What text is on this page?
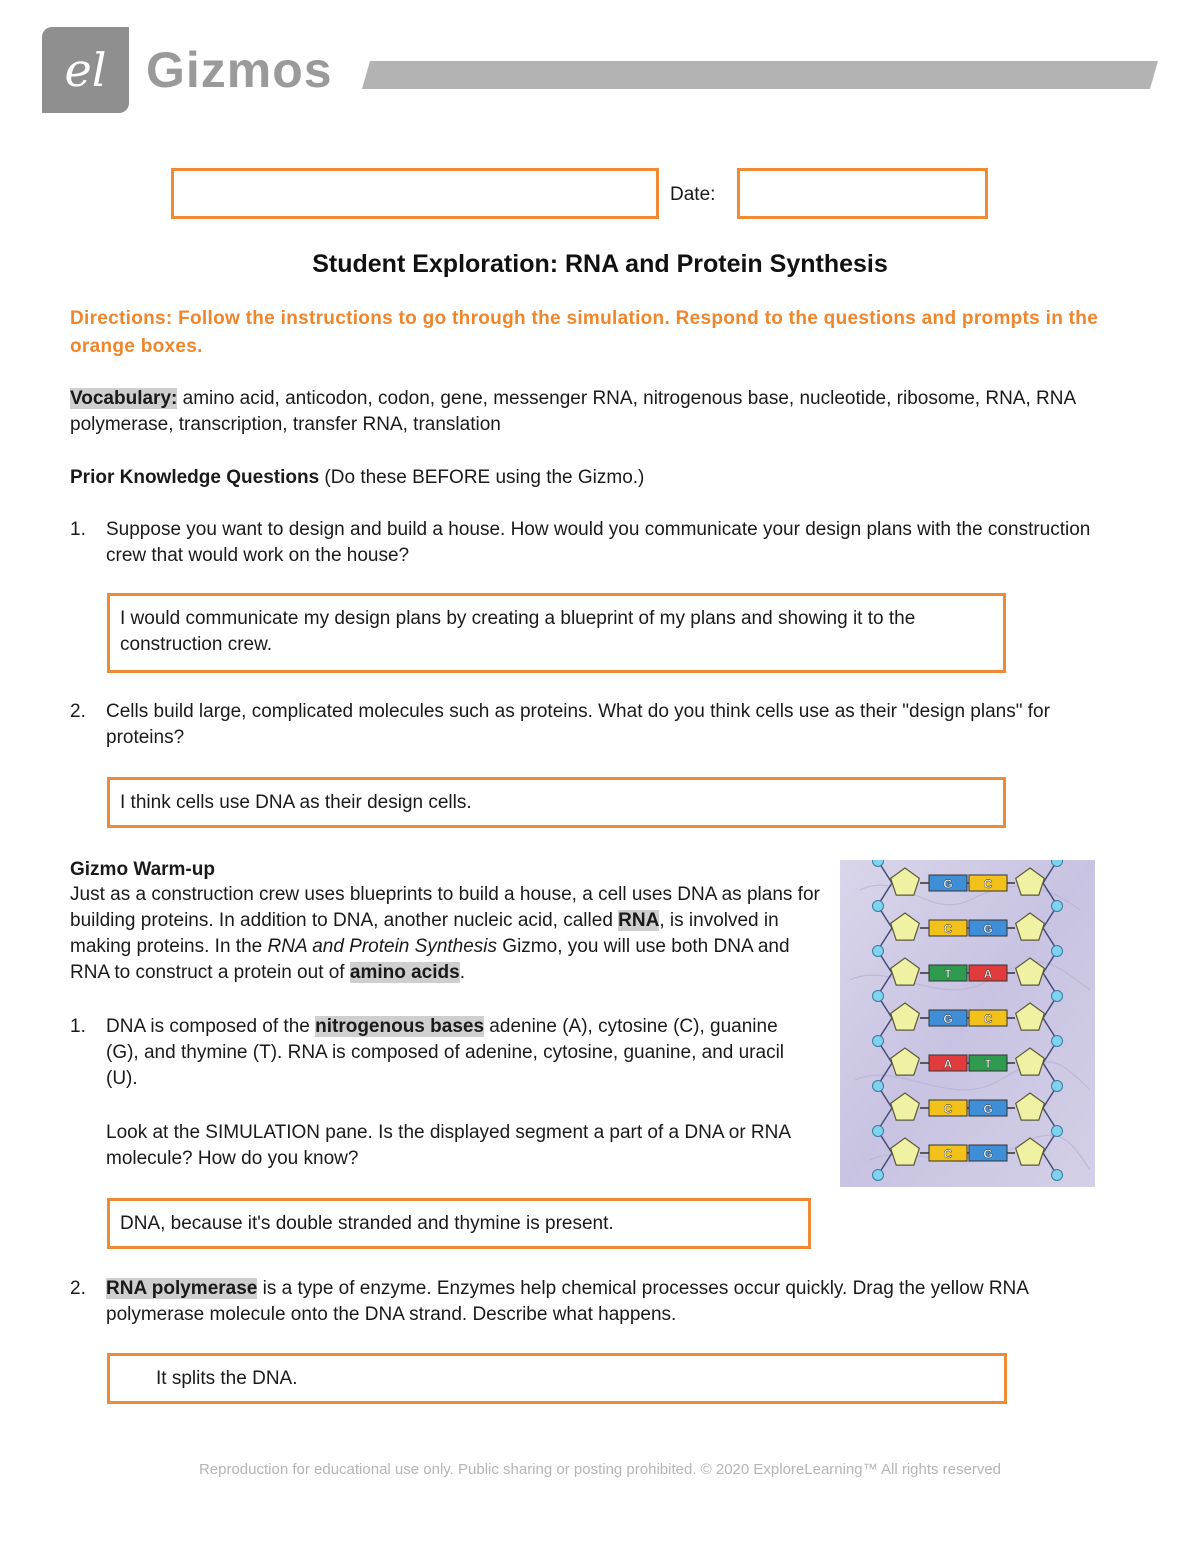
el Gizmos
Date:
Student Exploration: RNA and Protein Synthesis
Directions: Follow the instructions to go through the simulation. Respond to the questions and prompts in the orange boxes.
Vocabulary: amino acid, anticodon, codon, gene, messenger RNA, nitrogenous base, nucleotide, ribosome, RNA, RNA polymerase, transcription, transfer RNA, translation
Prior Knowledge Questions (Do these BEFORE using the Gizmo.)
1.	Suppose you want to design and build a house. How would you communicate your design plans with the construction crew that would work on the house?
I would communicate my design plans by creating a blueprint of my plans and showing it to the construction crew.
2.	Cells build large, complicated molecules such as proteins. What do you think cells use as their "design plans" for proteins?
I think cells use DNA as their design cells.
Gizmo Warm-up
Just as a construction crew uses blueprints to build a house, a cell uses DNA as plans for building proteins. In addition to DNA, another nucleic acid, called RNA, is involved in making proteins. In the RNA and Protein Synthesis Gizmo, you will use both DNA and RNA to construct a protein out of amino acids.
1.	DNA is composed of the nitrogenous bases adenine (A), cytosine (C), guanine (G), and thymine (T). RNA is composed of adenine, cytosine, guanine, and uracil (U).
Look at the SIMULATION pane. Is the displayed segment a part of a DNA or RNA molecule? How do you know?
DNA, because it's double stranded and thymine is present.
2.	RNA polymerase is a type of enzyme. Enzymes help chemical processes occur quickly. Drag the yellow RNA polymerase molecule onto the DNA strand. Describe what happens.
It splits the DNA.
G	C
C	G
T	A
G	C
A	T
C	G
C	G
Reproduction for educational use only. Public sharing or posting prohibited. © 2020 ExploreLearning™ All rights reserved
